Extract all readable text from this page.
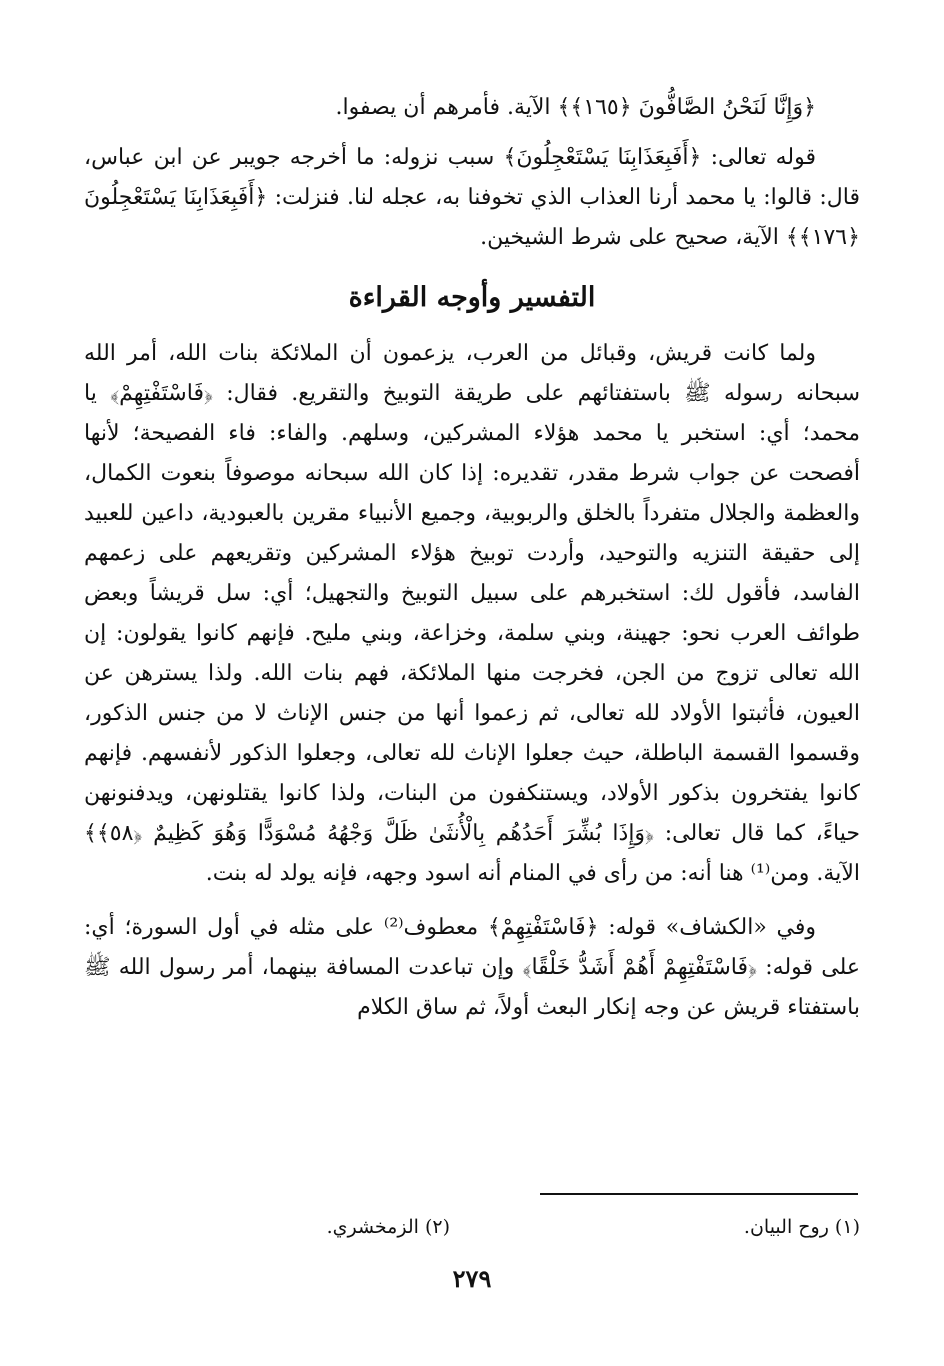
﴿وَإِنَّا لَنَحْنُ الصَّافُّونَ ﴿١٦٥﴾﴾ الآية. فأمرهم أن يصفوا.

قوله تعالى: ﴿أَفَبِعَذَابِنَا يَسْتَعْجِلُونَ﴾ سبب نزوله: ما أخرجه جويبر عن ابن عباس، قال: قالوا: يا محمد أرنا العذاب الذي تخوفنا به، عجله لنا. فنزلت: ﴿أَفَبِعَذَابِنَا يَسْتَعْجِلُونَ ﴿١٧٦﴾﴾ الآية، صحيح على شرط الشيخين.

التفسير وأوجه القراءة

ولما كانت قريش، وقبائل من العرب، يزعمون أن الملائكة بنات الله، أمر الله سبحانه رسوله ﷺ باستفتائهم على طريقة التوبيخ والتقريع. فقال: ﴿فَاسْتَفْتِهِمْ﴾ يا محمد؛ أي: استخبر يا محمد هؤلاء المشركين، وسلهم. والفاء: فاء الفصيحة؛ لأنها أفصحت عن جواب شرط مقدر، تقديره: إذا كان الله سبحانه موصوفاً بنعوت الكمال، والعظمة والجلال متفرداً بالخلق والربوبية، وجميع الأنبياء مقرين بالعبودية، داعين للعبيد إلى حقيقة التنزيه والتوحيد، وأردت توبيخ هؤلاء المشركين وتقريعهم على زعمهم الفاسد، فأقول لك: استخبرهم على سبيل التوبيخ والتجهيل؛ أي: سل قريشاً وبعض طوائف العرب نحو: جهينة، وبني سلمة، وخزاعة، وبني مليح. فإنهم كانوا يقولون: إن الله تعالى تزوج من الجن، فخرجت منها الملائكة، فهم بنات الله. ولذا يسترهن عن العيون، فأثبتوا الأولاد لله تعالى، ثم زعموا أنها من جنس الإناث لا من جنس الذكور، وقسموا القسمة الباطلة، حيث جعلوا الإناث لله تعالى، وجعلوا الذكور لأنفسهم. فإنهم كانوا يفتخرون بذكور الأولاد، ويستنكفون من البنات، ولذا كانوا يقتلونهن، ويدفنونهن حياءً، كما قال تعالى: ﴿وَإِذَا بُشِّرَ أَحَدُهُم بِالْأُنثَىٰ ظَلَّ وَجْهُهُ مُسْوَدًّا وَهُوَ كَظِيمٌ ﴿٥٨﴾﴾ الآية. ومن⁽¹⁾ هنا أنه: من رأى في المنام أنه اسود وجهه، فإنه يولد له بنت.

وفي «الكشاف» قوله: ﴿فَاسْتَفْتِهِمْ﴾ معطوف⁽²⁾ على مثله في أول السورة؛ أي: على قوله: ﴿فَاسْتَفْتِهِمْ أَهُمْ أَشَدُّ خَلْقًا﴾ وإن تباعدت المسافة بينهما، أمر رسول الله ﷺ باستفتاء قريش عن وجه إنكار البعث أولاً، ثم ساق الكلام

(١) روح البيان.
(٢) الزمخشري.
٢٧٩
